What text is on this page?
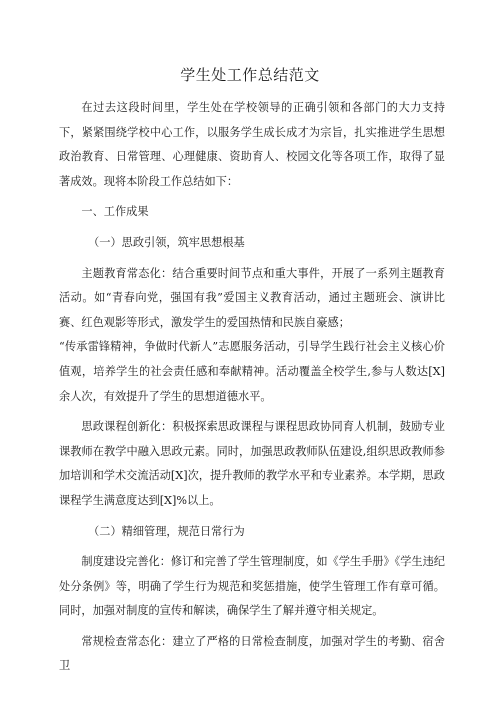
学生处工作总结范文

在过去这段时间里，学生处在学校领导的正确引领和各部门的大力支持下，紧紧围绕学校中心工作，以服务学生成长成才为宗旨，扎实推进学生思想政治教育、日常管理、心理健康、资助育人、校园文化等各项工作，取得了显著成效。现将本阶段工作总结如下：

一、工作成果

（一）思政引领，筑牢思想根基

主题教育常态化：结合重要时间节点和重大事件，开展了一系列主题教育活动。如“青春向党，强国有我”爱国主义教育活动，通过主题班会、演讲比赛、红色观影等形式，激发学生的爱国热情和民族自豪感；

“传承雷锋精神，争做时代新人”志愿服务活动，引导学生践行社会主义核心价值观，培养学生的社会责任感和奉献精神。活动覆盖全校学生,参与人数达[X]余人次，有效提升了学生的思想道德水平。

思政课程创新化：积极探索思政课程与课程思政协同育人机制，鼓励专业课教师在教学中融入思政元素。同时，加强思政教师队伍建设,组织思政教师参加培训和学术交流活动[X]次，提升教师的教学水平和专业素养。本学期，思政课程学生满意度达到[X]%以上。

（二）精细管理，规范日常行为

制度建设完善化：修订和完善了学生管理制度，如《学生手册》《学生违纪处分条例》等，明确了学生行为规范和奖惩措施，使学生管理工作有章可循。同时，加强对制度的宣传和解读，确保学生了解并遵守相关规定。

常规检查常态化：建立了严格的日常检查制度，加强对学生的考勤、宿舍卫
